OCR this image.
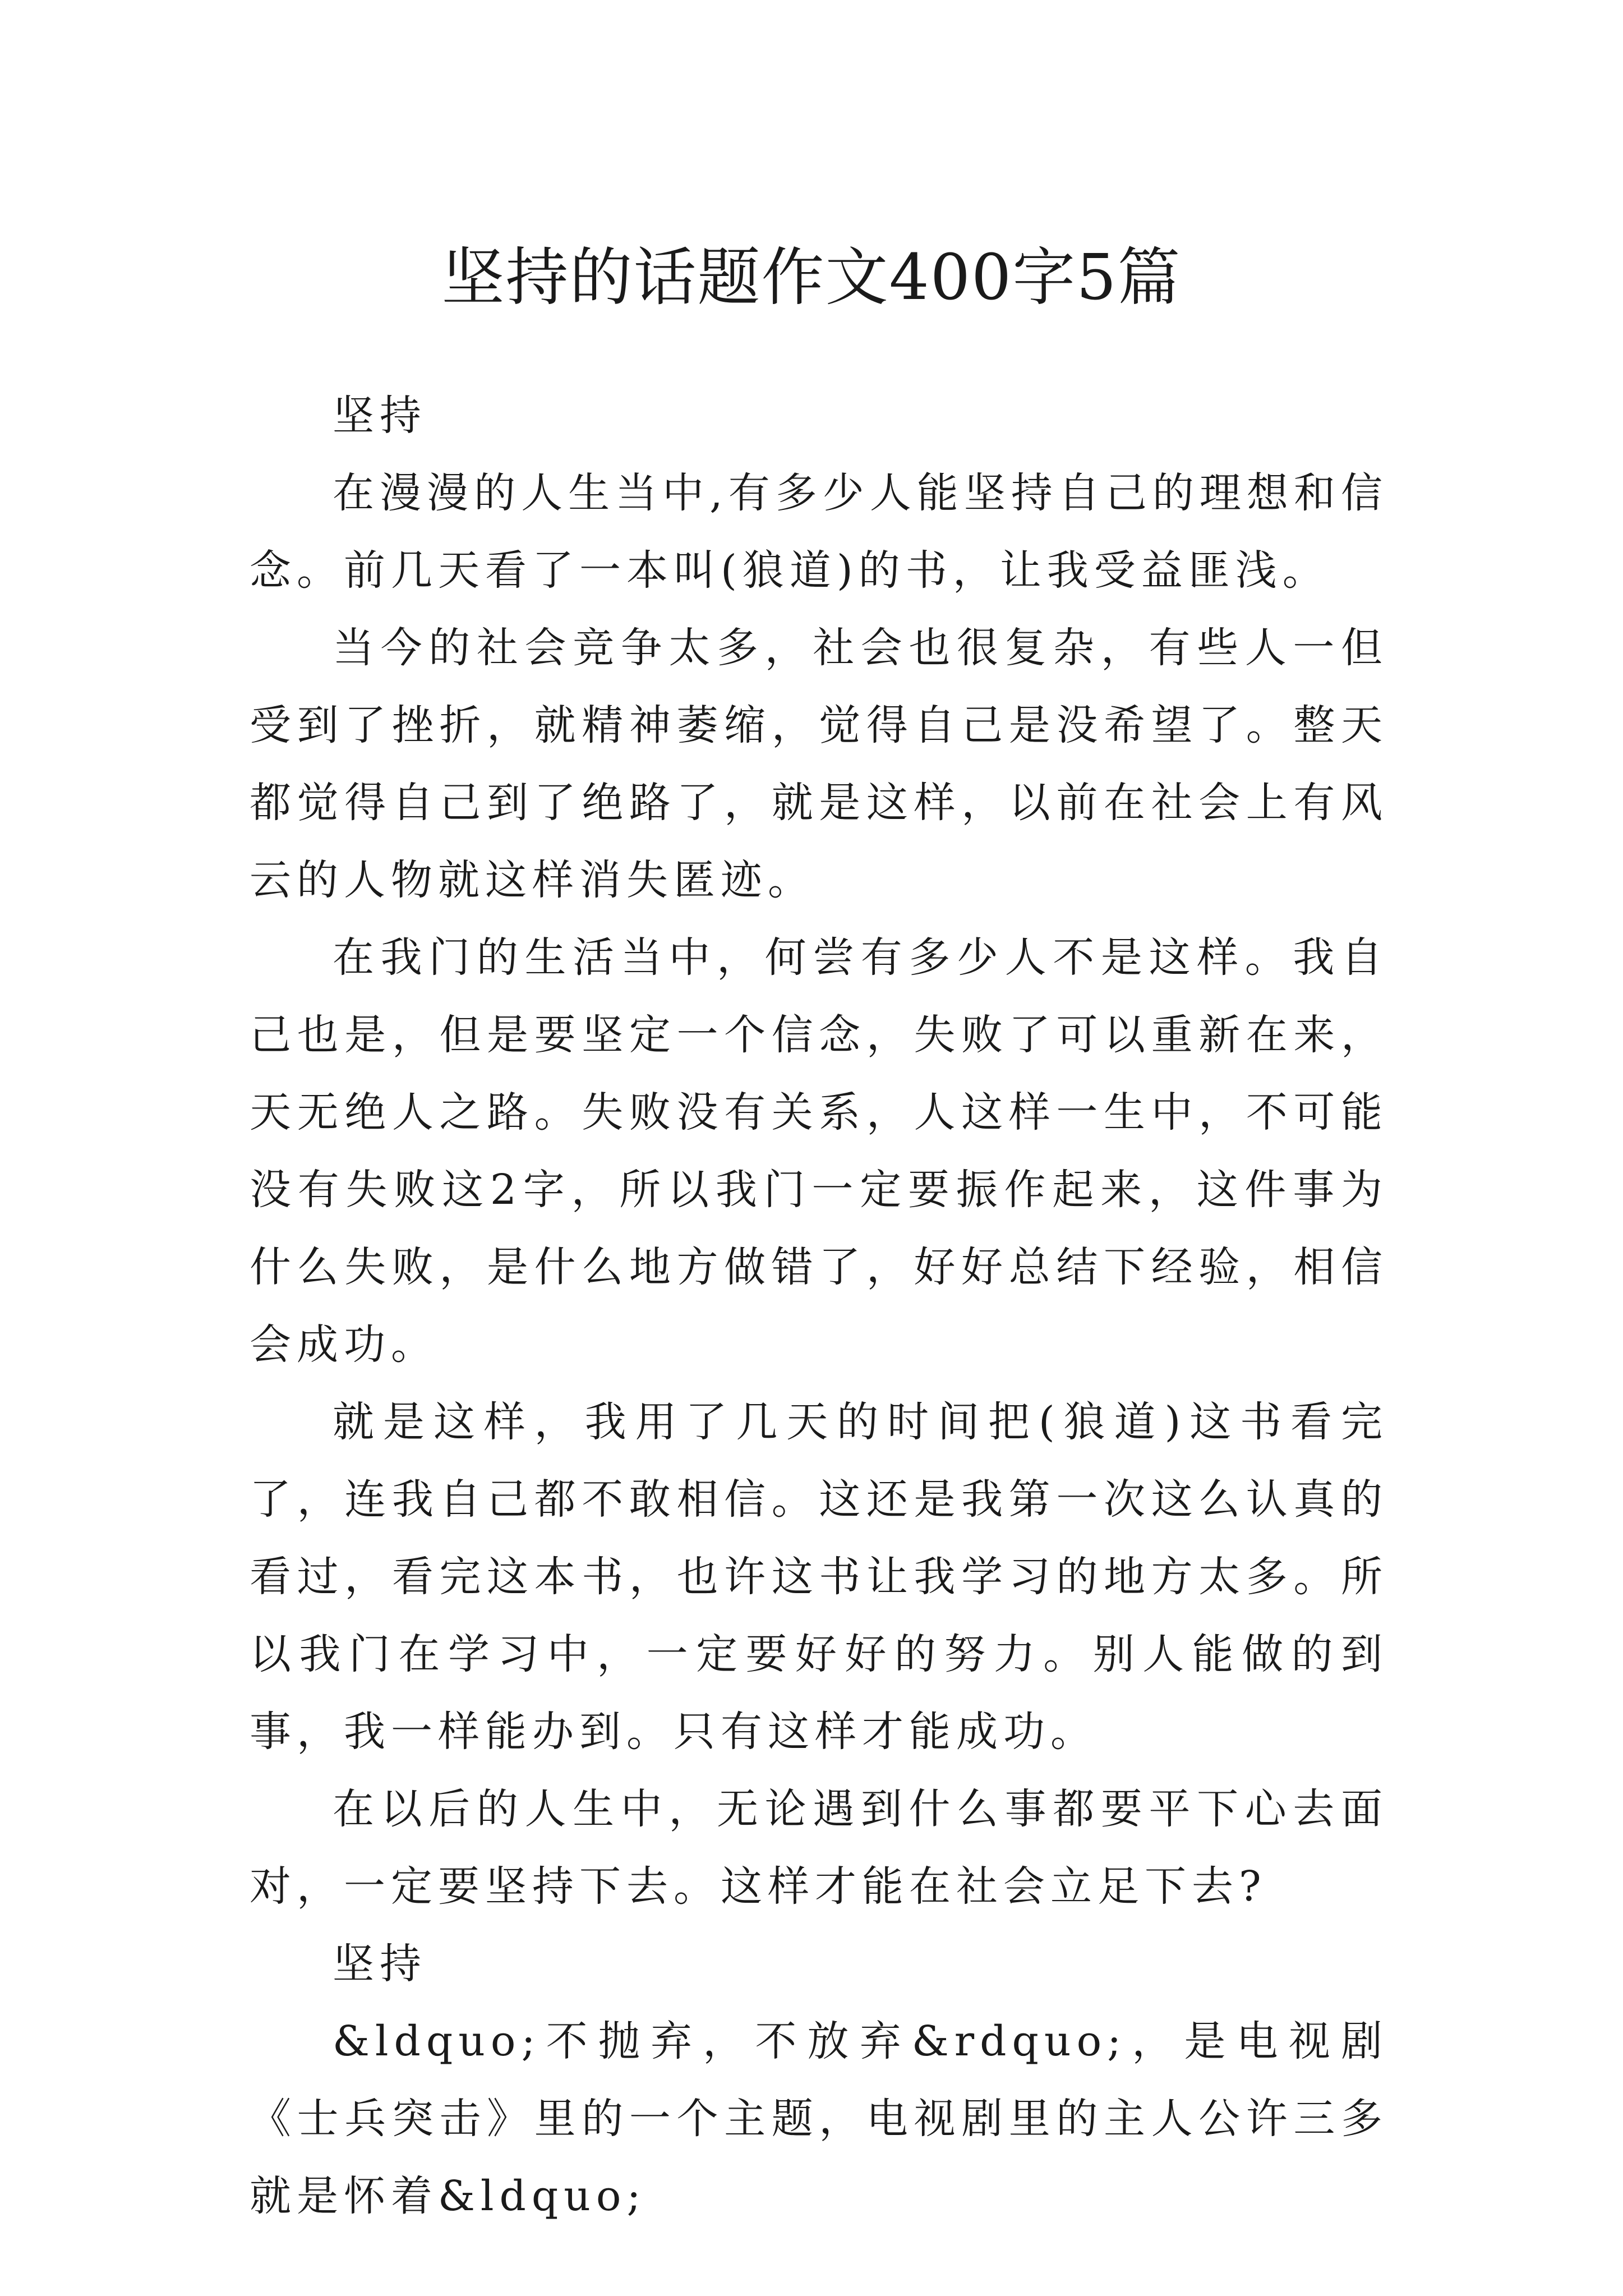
坚持的话题作文400字5篇

坚持

在漫漫的人生当中,有多少人能坚持自己的理想和信念。前几天看了一本叫(狼道)的书，让我受益匪浅。

当今的社会竞争太多，社会也很复杂，有些人一但受到了挫折，就精神萎缩，觉得自己是没希望了。整天都觉得自己到了绝路了，就是这样，以前在社会上有风云的人物就这样消失匿迹。

在我门的生活当中，何尝有多少人不是这样。我自己也是，但是要坚定一个信念，失败了可以重新在来，天无绝人之路。失败没有关系，人这样一生中，不可能没有失败这2字，所以我门一定要振作起来，这件事为什么失败，是什么地方做错了，好好总结下经验，相信会成功。

就是这样，我用了几天的时间把(狼道)这书看完了，连我自己都不敢相信。这还是我第一次这么认真的看过，看完这本书，也许这书让我学习的地方太多。所以我门在学习中，一定要好好的努力。别人能做的到事，我一样能办到。只有这样才能成功。

在以后的人生中，无论遇到什么事都要平下心去面对，一定要坚持下去。这样才能在社会立足下去?

坚持

&ldquo;不抛弃，不放弃&rdquo;，是电视剧《士兵突击》里的一个主题，电视剧里的主人公许三多就是怀着&ldquo;
